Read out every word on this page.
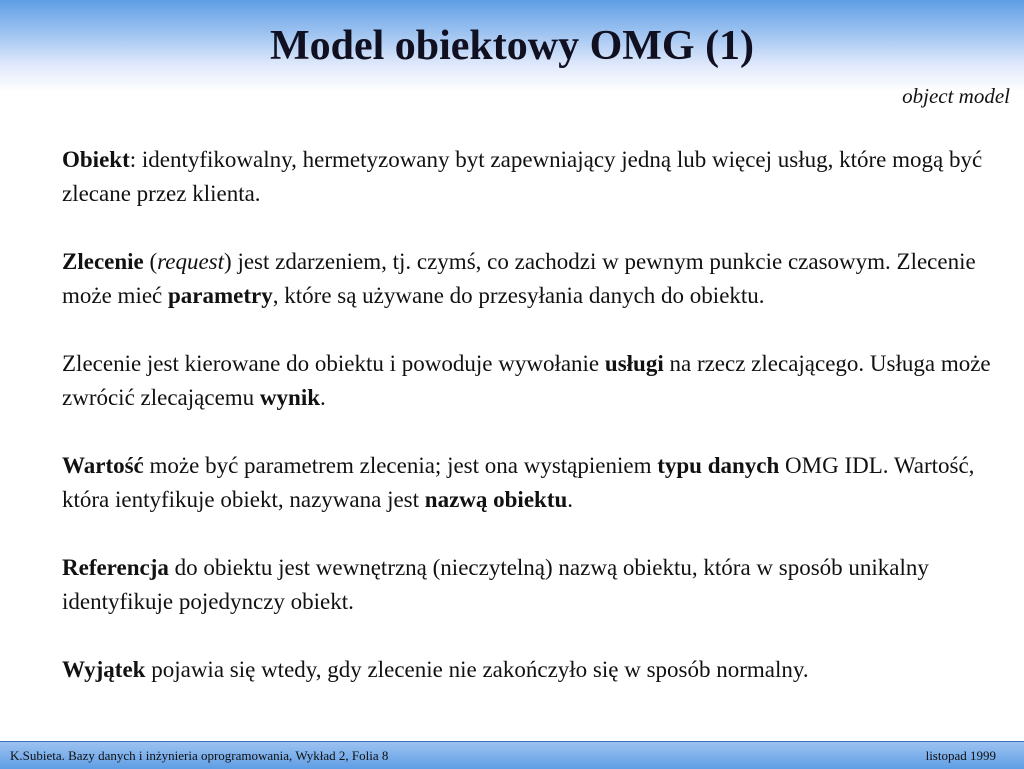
Model obiektowy OMG (1)
object model

Obiekt: identyfikowalny, hermetyzowany byt zapewniający jedną lub więcej usług, które mogą być zlecane przez klienta.

Zlecenie (request) jest zdarzeniem, tj. czymś, co zachodzi w pewnym punkcie czasowym. Zlecenie może mieć parametry, które są używane do przesyłania danych do obiektu.

Zlecenie jest kierowane do obiektu i powoduje wywołanie usługi na rzecz zlecającego. Usługa może zwrócić zlecającemu wynik.

Wartość może być parametrem zlecenia; jest ona wystąpieniem typu danych OMG IDL. Wartość, która ientyfikuje obiekt, nazywana jest nazwą obiektu.

Referencja do obiektu jest wewnętrzną (nieczytelną) nazwą obiektu, która w sposób unikalny identyfikuje pojedynczy obiekt.

Wyjątek pojawia się wtedy, gdy zlecenie nie zakończyło się w sposób normalny.

K.Subieta. Bazy danych i inżynieria oprogramowania, Wykład 2, Folia 8	listopad 1999
